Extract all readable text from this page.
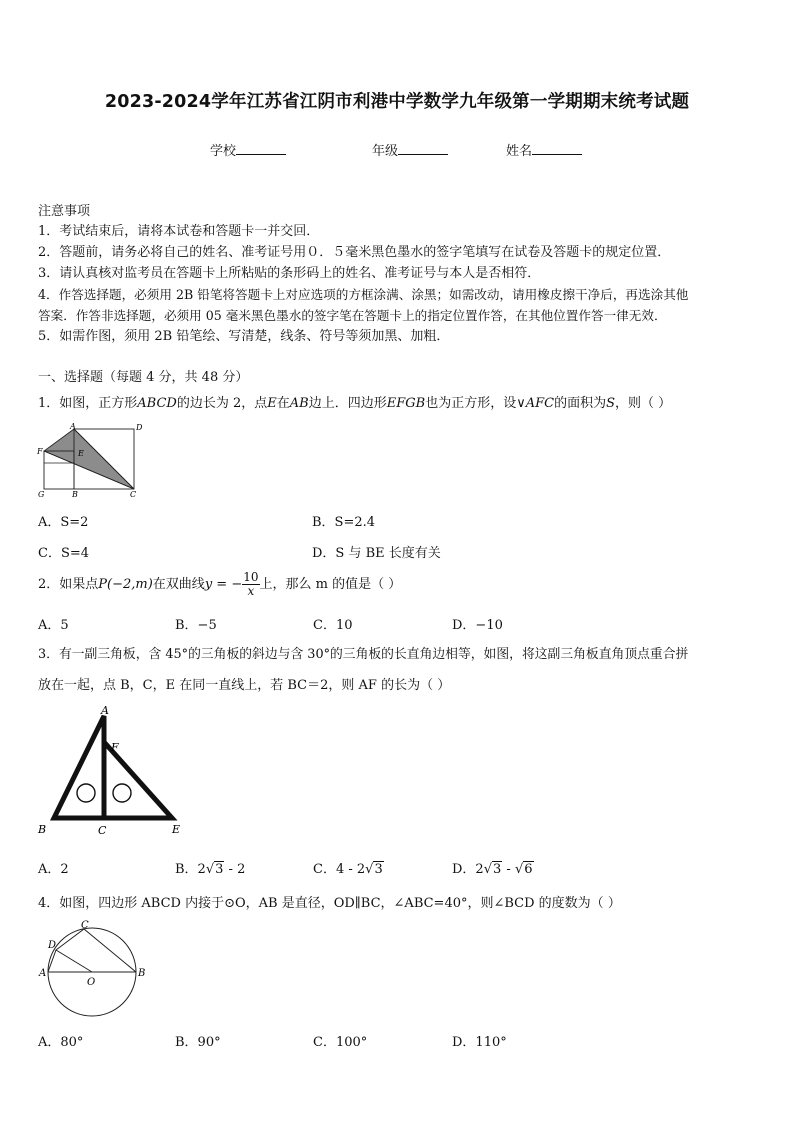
2023-2024学年江苏省江阴市利港中学数学九年级第一学期期末统考试题
学校	年级	姓名
注意事项
1．考试结束后，请将本试卷和答题卡一并交回．
2．答题前，请务必将自己的姓名、准考证号用０．５毫米黑色墨水的签字笔填写在试卷及答题卡的规定位置．
3．请认真核对监考员在答题卡上所粘贴的条形码上的姓名、准考证号与本人是否相符．
4．作答选择题，必须用 2B 铅笔将答题卡上对应选项的方框涂满、涂黑；如需改动，请用橡皮擦干净后，再选涂其他
答案．作答非选择题，必须用 05 毫米黑色墨水的签字笔在答题卡上的指定位置作答，在其他位置作答一律无效．
5．如需作图，须用 2B 铅笔绘、写清楚，线条、符号等须加黑、加粗．
一、选择题（每题 4 分，共 48 分）
1．如图，正方形ABCD的边长为 2，点E在AB边上．四边形EFGB也为正方形，设∨AFC的面积为S，则（ ）
A	D
F	E
G	B	C
A．S=2	B．S=2.4
C．S=4	D．S 与 BE 长度有关
2．如果点P(−2,m)在双曲线y = − $\frac{10}{x}$ 上，那么 m 的值是（ ）
A．5	B．−5	C．10	D．−10
3．有一副三角板，含 45°的三角板的斜边与含 30°的三角板的长直角边相等，如图，将这副三角板直角顶点重合拼
放在一起，点 B，C，E 在同一直线上，若 BC＝2，则 AF 的长为（ ）
A
F
B	C	E
A．2	B．2√3 - 2	C．4 - 2√3	D．2√3 - √6
4．如图，四边形 ABCD 内接于⊙O，AB 是直径，OD∥BC，∠ABC=40°，则∠BCD 的度数为（ ）
A	B
C
D
O
A．80°	B．90°	C．100°	D．110°
